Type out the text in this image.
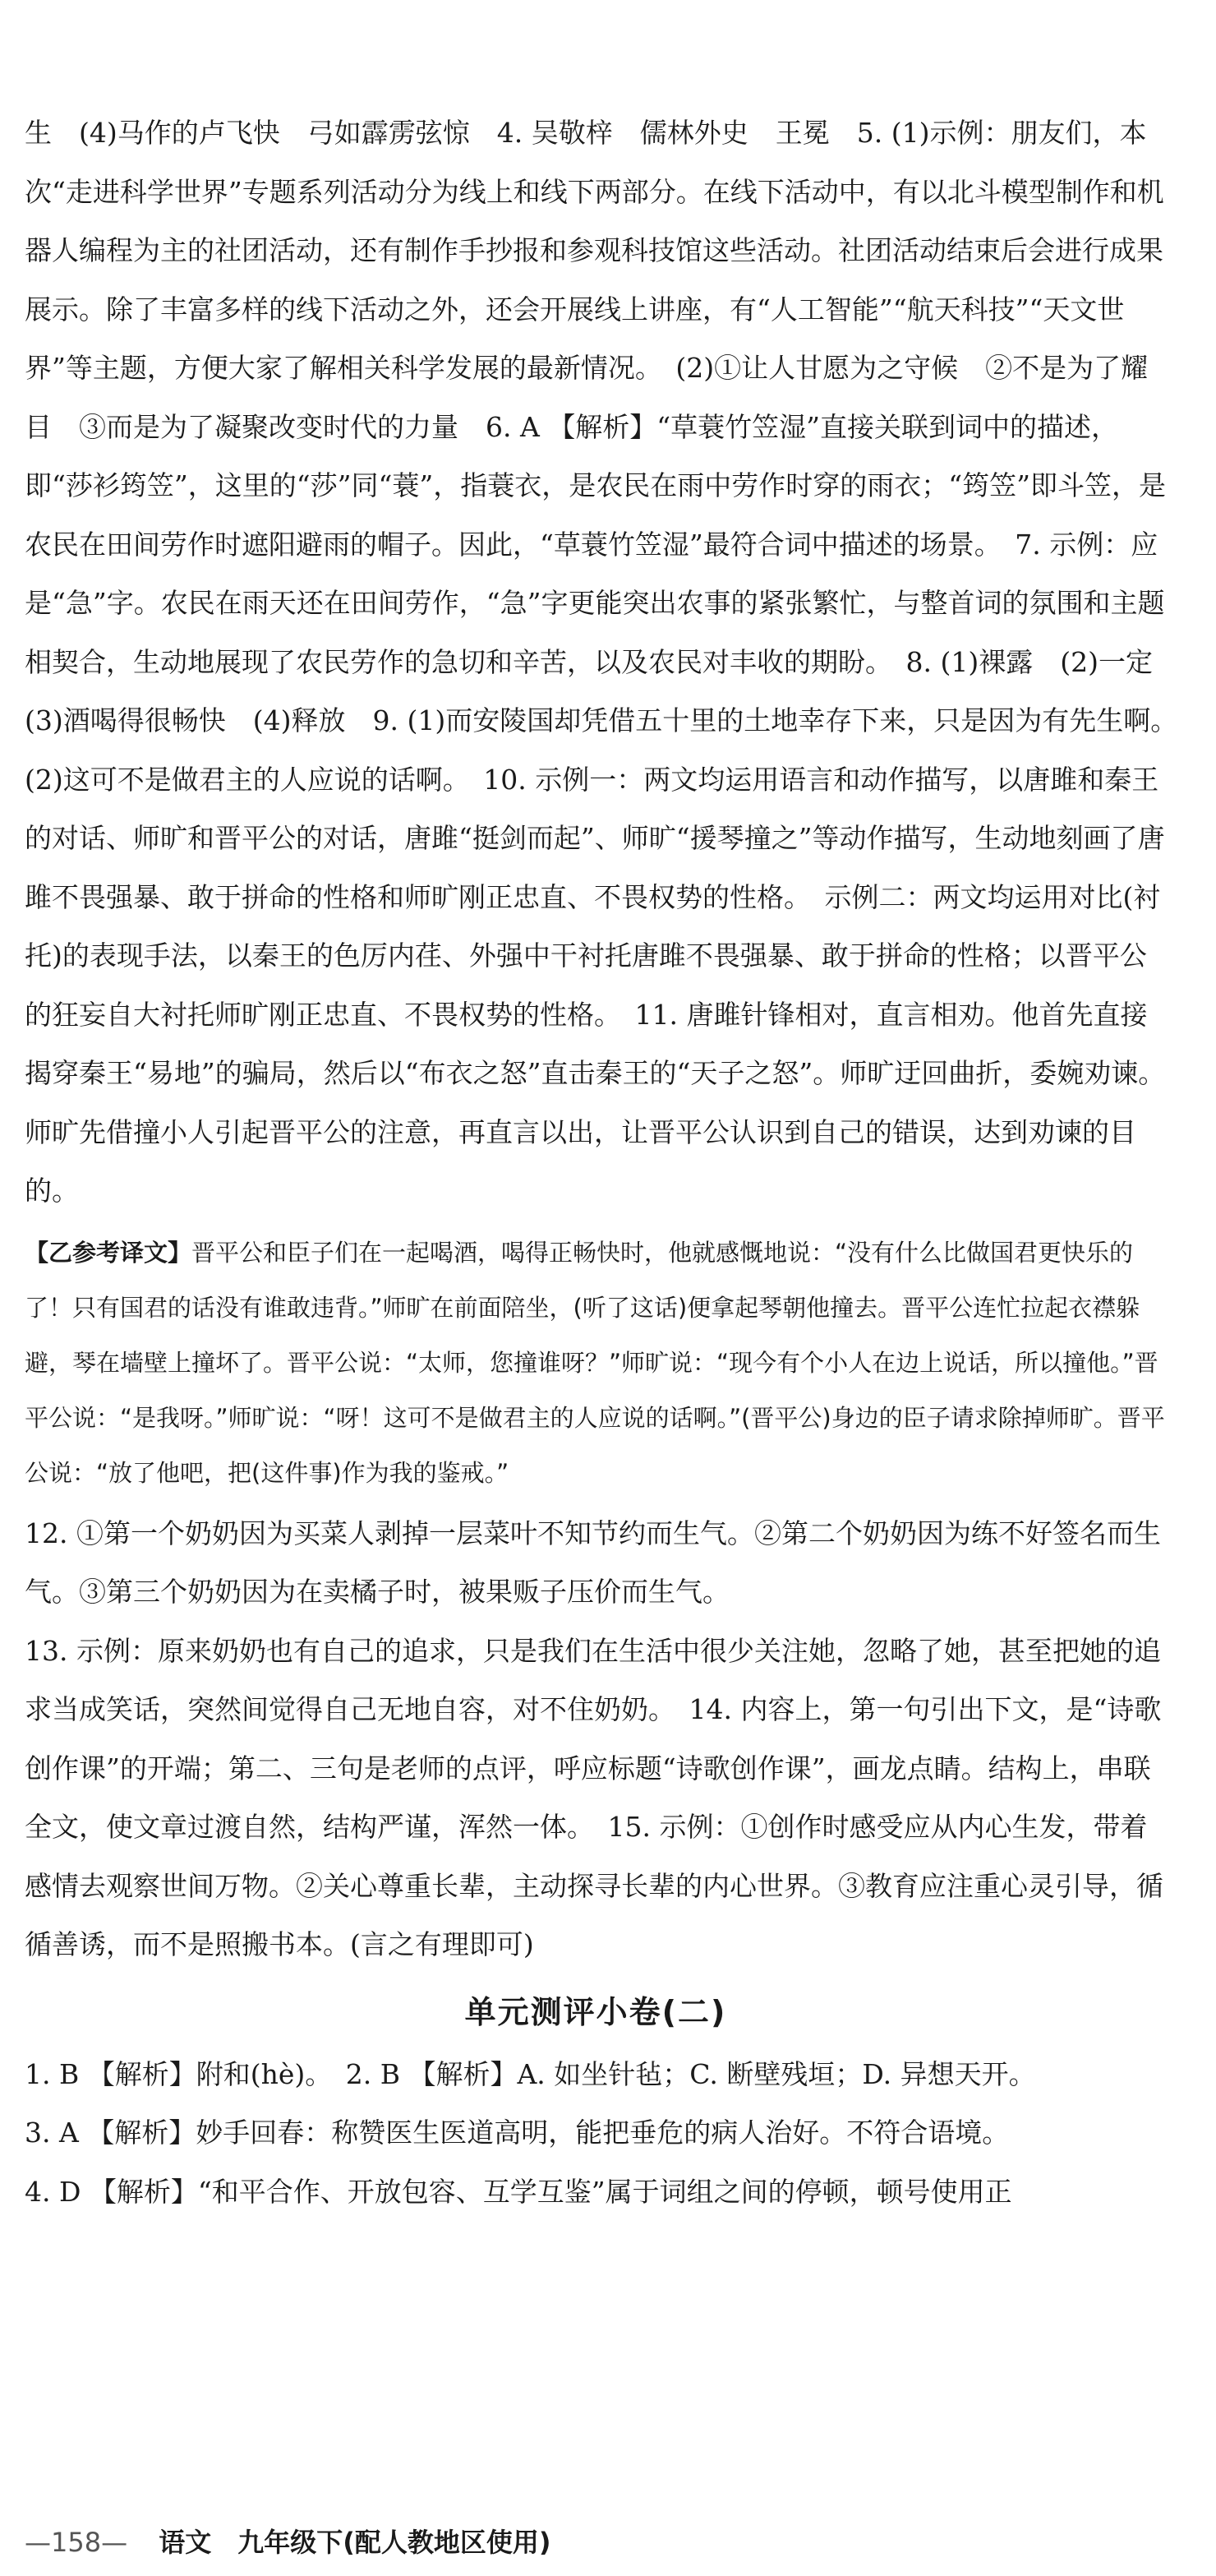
生　(4)马作的卢飞快　弓如霹雳弦惊　4. 吴敬梓　儒林外史　王冕　5. (1)示例：朋友们，本次“走进科学世界”专题系列活动分为线上和线下两部分。在线下活动中，有以北斗模型制作和机器人编程为主的社团活动，还有制作手抄报和参观科技馆这些活动。社团活动结束后会进行成果展示。除了丰富多样的线下活动之外，还会开展线上讲座，有“人工智能”“航天科技”“天文世界”等主题，方便大家了解相关科学发展的最新情况。　(2)①让人甘愿为之守候　②不是为了耀目　③而是为了凝聚改变时代的力量　6. A 【解析】“草蓑竹笠湿”直接关联到词中的描述，即“莎衫筠笠”，这里的“莎”同“蓑”，指蓑衣，是农民在雨中劳作时穿的雨衣；“筠笠”即斗笠，是农民在田间劳作时遮阳避雨的帽子。因此，“草蓑竹笠湿”最符合词中描述的场景。　7. 示例：应是“急”字。农民在雨天还在田间劳作，“急”字更能突出农事的紧张繁忙，与整首词的氛围和主题相契合，生动地展现了农民劳作的急切和辛苦，以及农民对丰收的期盼。　8. (1)裸露　(2)一定　(3)酒喝得很畅快　(4)释放　9. (1)而安陵国却凭借五十里的土地幸存下来，只是因为有先生啊。　(2)这可不是做君主的人应说的话啊。　10. 示例一：两文均运用语言和动作描写，以唐雎和秦王的对话、师旷和晋平公的对话，唐雎“挺剑而起”、师旷“援琴撞之”等动作描写，生动地刻画了唐雎不畏强暴、敢于拼命的性格和师旷刚正忠直、不畏权势的性格。　示例二：两文均运用对比(衬托)的表现手法，以秦王的色厉内荏、外强中干衬托唐雎不畏强暴、敢于拼命的性格；以晋平公的狂妄自大衬托师旷刚正忠直、不畏权势的性格。　11. 唐雎针锋相对，直言相劝。他首先直接揭穿秦王“易地”的骗局，然后以“布衣之怒”直击秦王的“天子之怒”。师旷迂回曲折，委婉劝谏。师旷先借撞小人引起晋平公的注意，再直言以出，让晋平公认识到自己的错误，达到劝谏的目的。

【乙参考译文】晋平公和臣子们在一起喝酒，喝得正畅快时，他就感慨地说：“没有什么比做国君更快乐的了！只有国君的话没有谁敢违背。”师旷在前面陪坐，(听了这话)便拿起琴朝他撞去。晋平公连忙拉起衣襟躲避，琴在墙壁上撞坏了。晋平公说：“太师，您撞谁呀？”师旷说：“现今有个小人在边上说话，所以撞他。”晋平公说：“是我呀。”师旷说：“呀！这可不是做君主的人应说的话啊。”(晋平公)身边的臣子请求除掉师旷。晋平公说：“放了他吧，把(这件事)作为我的鉴戒。”

12. ①第一个奶奶因为买菜人剥掉一层菜叶不知节约而生气。②第二个奶奶因为练不好签名而生气。③第三个奶奶因为在卖橘子时，被果贩子压价而生气。

13. 示例：原来奶奶也有自己的追求，只是我们在生活中很少关注她，忽略了她，甚至把她的追求当成笑话，突然间觉得自己无地自容，对不住奶奶。　14. 内容上，第一句引出下文，是“诗歌创作课”的开端；第二、三句是老师的点评，呼应标题“诗歌创作课”，画龙点睛。结构上，串联全文，使文章过渡自然，结构严谨，浑然一体。　15. 示例：①创作时感受应从内心生发，带着感情去观察世间万物。②关心尊重长辈，主动探寻长辈的内心世界。③教育应注重心灵引导，循循善诱，而不是照搬书本。(言之有理即可)

单元测评小卷(二)

1. B 【解析】附和(hè)。　2. B 【解析】A. 如坐针毡；C. 断壁残垣；D. 异想天开。

3. A 【解析】妙手回春：称赞医生医道高明，能把垂危的病人治好。不符合语境。

4. D 【解析】“和平合作、开放包容、互学互鉴”属于词组之间的停顿，顿号使用正

—158— 语文　九年级下(配人教地区使用)
